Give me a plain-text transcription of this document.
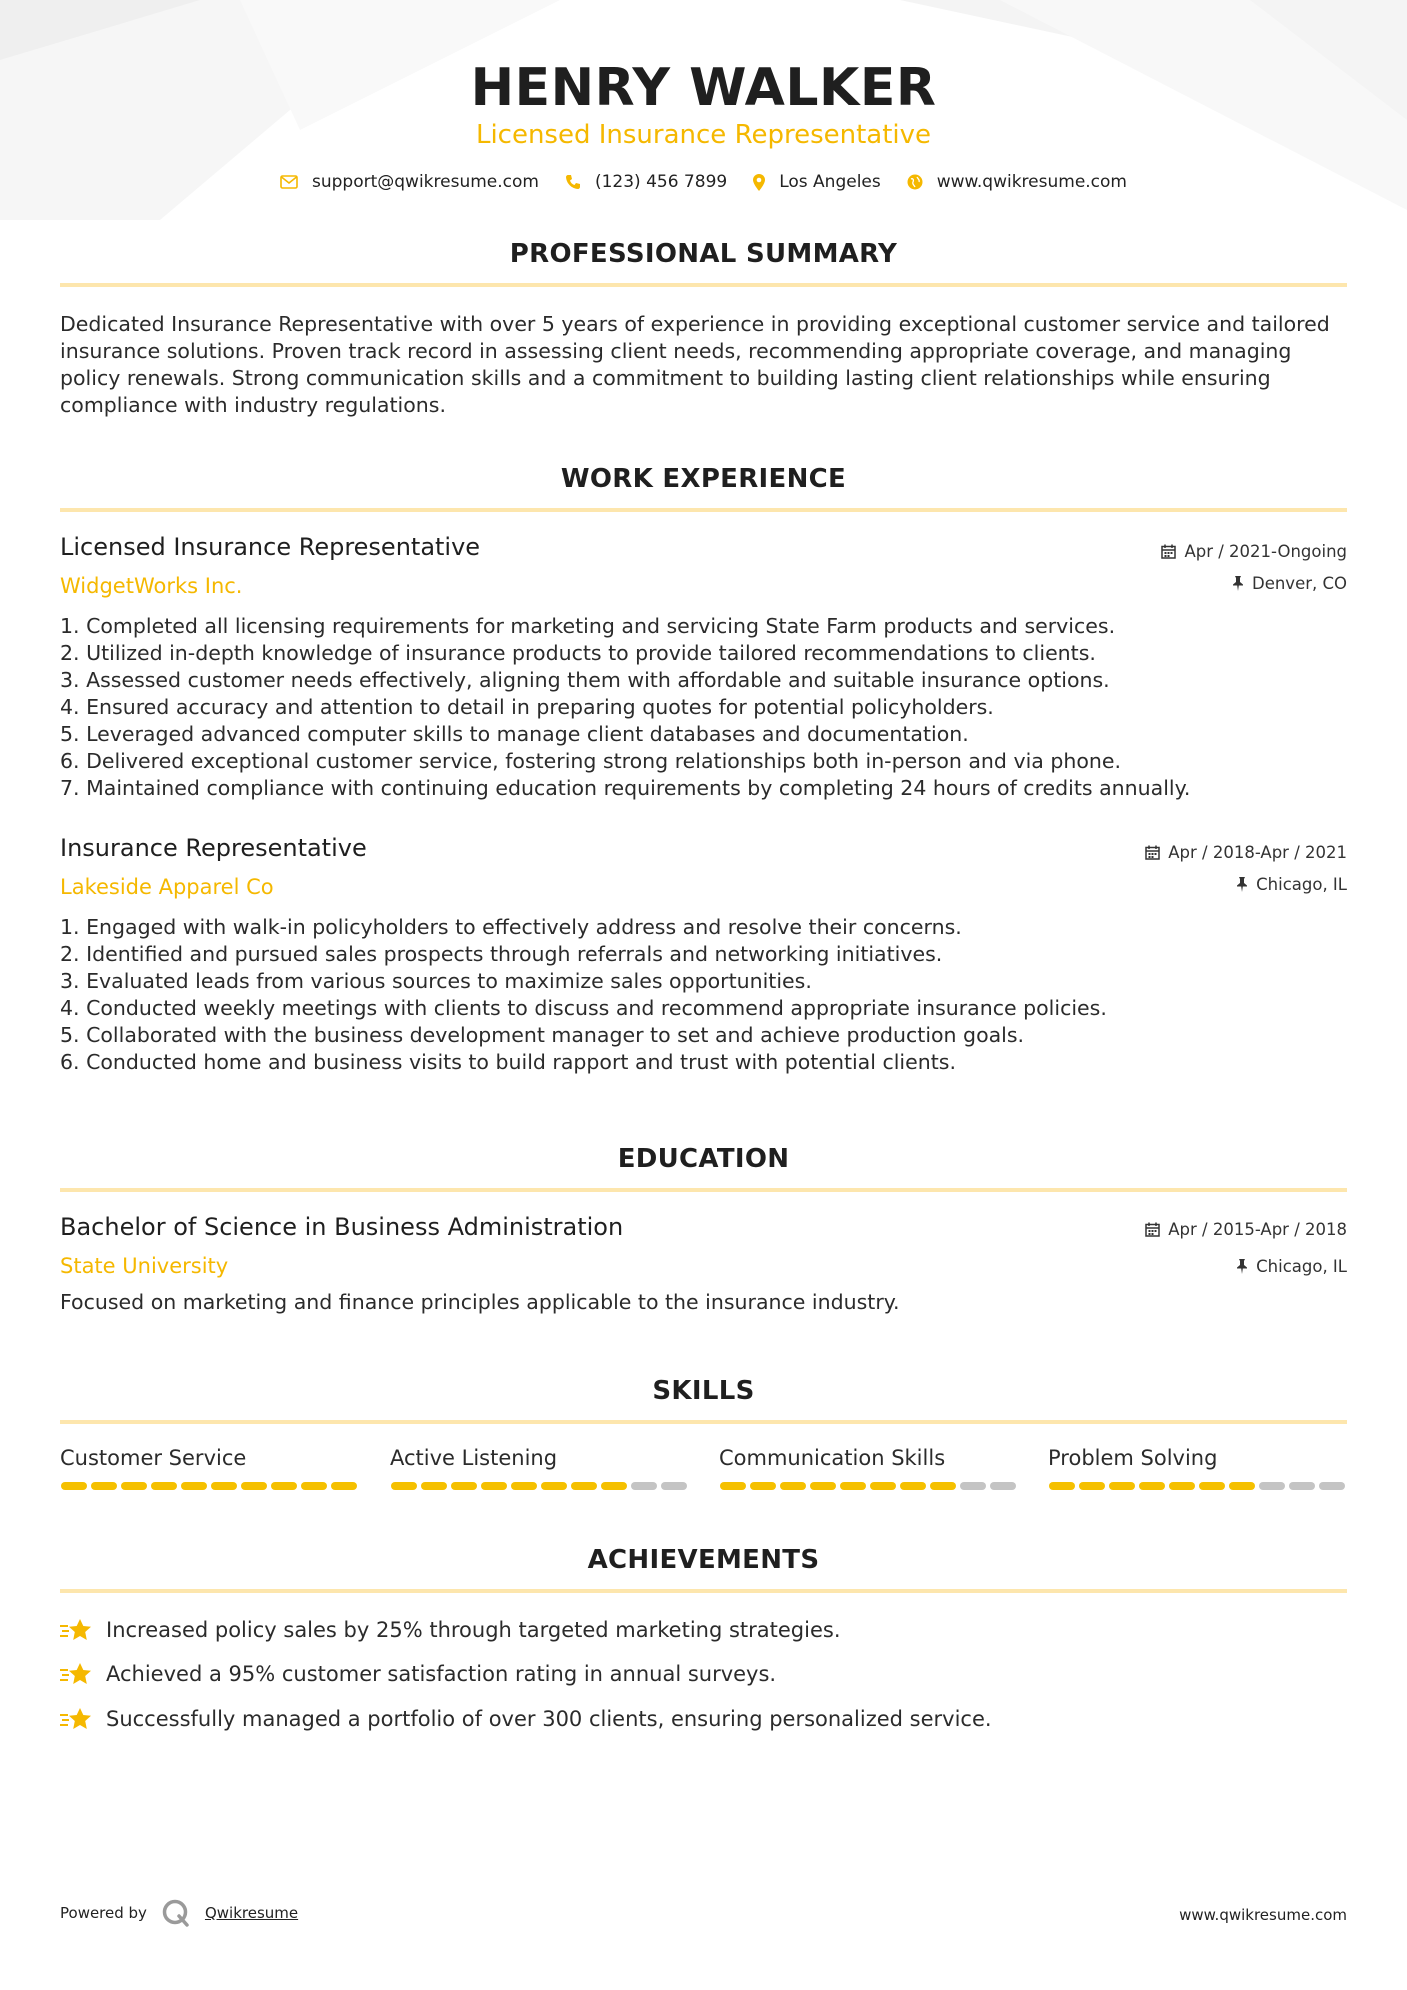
HENRY WALKER
Licensed Insurance Representative
support@qwikresume.com	(123) 456 7899	Los Angeles	www.qwikresume.com
PROFESSIONAL SUMMARY
Dedicated Insurance Representative with over 5 years of experience in providing exceptional customer service and tailored
insurance solutions. Proven track record in assessing client needs, recommending appropriate coverage, and managing
policy renewals. Strong communication skills and a commitment to building lasting client relationships while ensuring
compliance with industry regulations.
WORK EXPERIENCE
Licensed Insurance Representative
WidgetWorks Inc.
Apr / 2021-Ongoing
Denver, CO
1. Completed all licensing requirements for marketing and servicing State Farm products and services.
2. Utilized in-depth knowledge of insurance products to provide tailored recommendations to clients.
3. Assessed customer needs effectively, aligning them with affordable and suitable insurance options.
4. Ensured accuracy and attention to detail in preparing quotes for potential policyholders.
5. Leveraged advanced computer skills to manage client databases and documentation.
6. Delivered exceptional customer service, fostering strong relationships both in-person and via phone.
7. Maintained compliance with continuing education requirements by completing 24 hours of credits annually.
Insurance Representative
Lakeside Apparel Co
Apr / 2018-Apr / 2021
Chicago, IL
1. Engaged with walk-in policyholders to effectively address and resolve their concerns.
2. Identified and pursued sales prospects through referrals and networking initiatives.
3. Evaluated leads from various sources to maximize sales opportunities.
4. Conducted weekly meetings with clients to discuss and recommend appropriate insurance policies.
5. Collaborated with the business development manager to set and achieve production goals.
6. Conducted home and business visits to build rapport and trust with potential clients.
EDUCATION
Bachelor of Science in Business Administration
State University
Apr / 2015-Apr / 2018
Chicago, IL
Focused on marketing and finance principles applicable to the insurance industry.
SKILLS
Customer Service	Active Listening	Communication Skills	Problem Solving
ACHIEVEMENTS
Increased policy sales by 25% through targeted marketing strategies.
Achieved a 95% customer satisfaction rating in annual surveys.
Successfully managed a portfolio of over 300 clients, ensuring personalized service.
Powered by	Qwikresume	www.qwikresume.com
